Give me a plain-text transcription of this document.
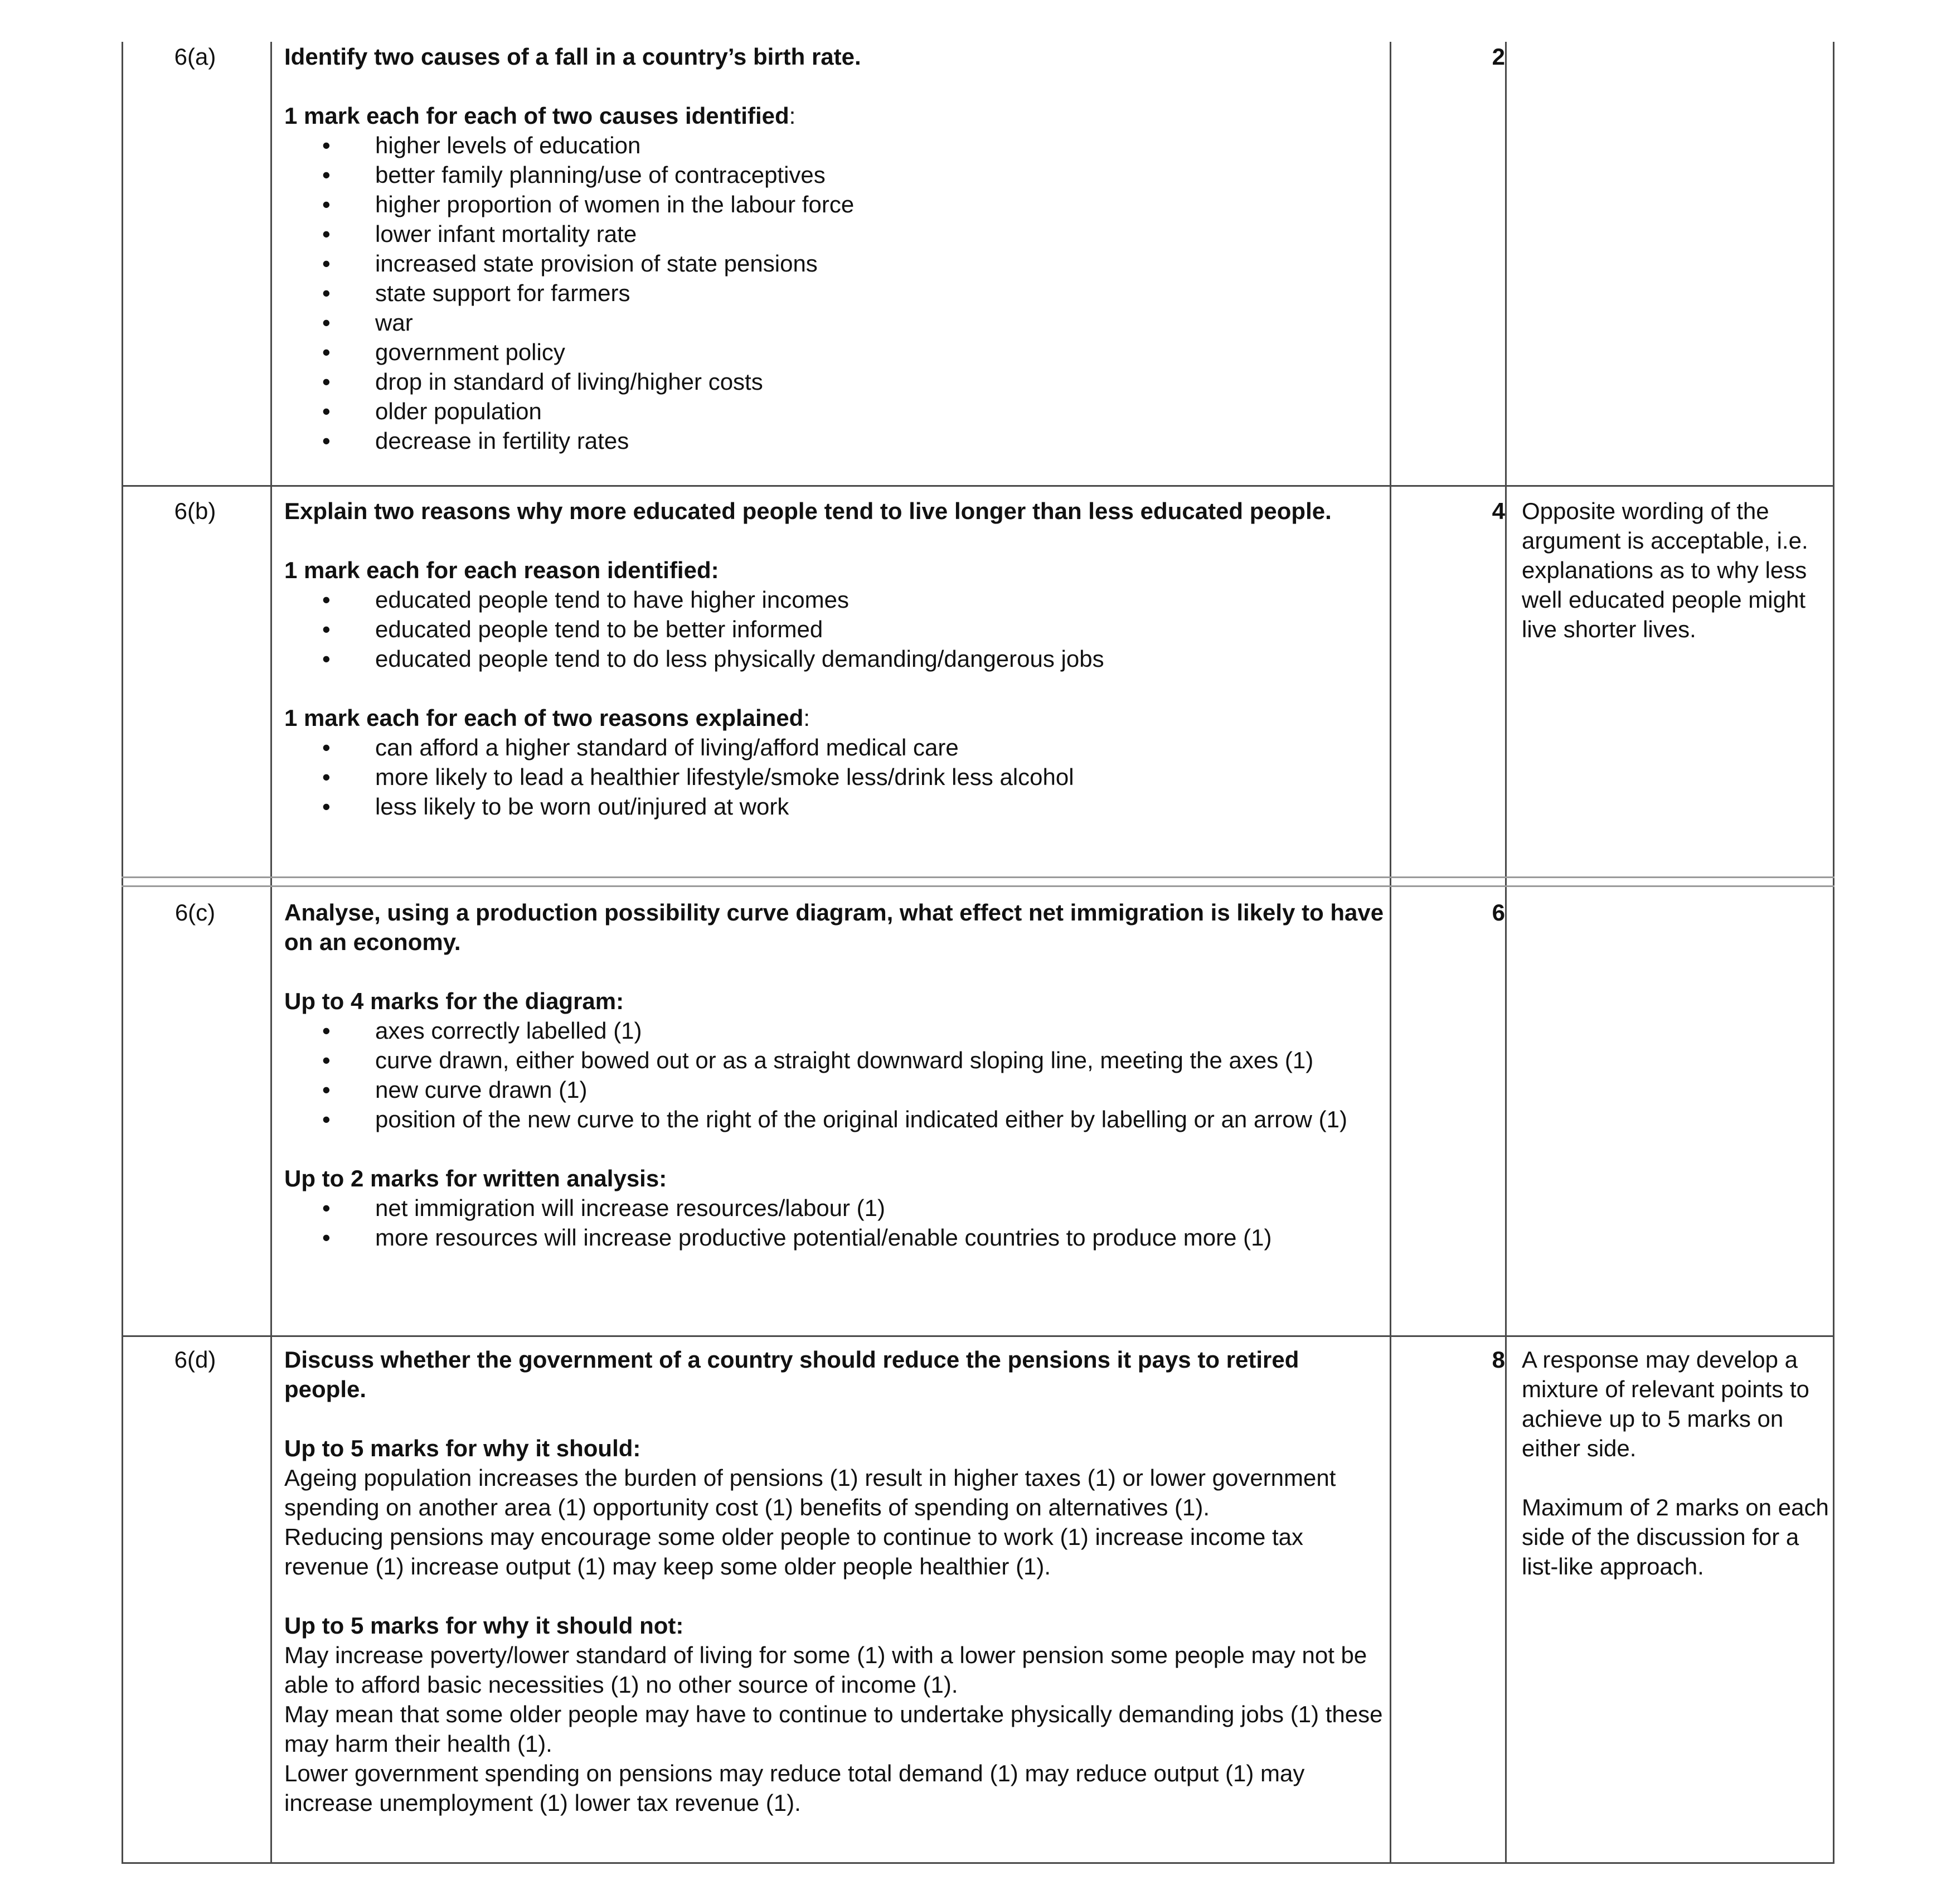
6(a)	Identify two causes of a fall in a country’s birth rate.

1 mark each for each of two causes identified:

• higher levels of education
• better family planning/use of contraceptives
• higher proportion of women in the labour force
• lower infant mortality rate
• increased state provision of state pensions
• state support for farmers
• war
• government policy
• drop in standard of living/higher costs
• older population
• decrease in fertility rates
2
6(b)	Explain two reasons why more educated people tend to live longer than less educated people.

1 mark each for each reason identified:

• educated people tend to have higher incomes
• educated people tend to be better informed
• educated people tend to do less physically demanding/dangerous jobs

1 mark each for each of two reasons explained:

• can afford a higher standard of living/afford medical care
• more likely to lead a healthier lifestyle/smoke less/drink less alcohol
• less likely to be worn out/injured at work
4 Opposite wording of the argument is acceptable, i.e. explanations as to why less well educated people might live shorter lives.
6(c)	Analyse, using a production possibility curve diagram, what effect net immigration is likely to have on an economy.

Up to 4 marks for the diagram:

• axes correctly labelled (1)
• curve drawn, either bowed out or as a straight downward sloping line, meeting the axes (1)
• new curve drawn (1)
• position of the new curve to the right of the original indicated either by labelling or an arrow (1)

Up to 2 marks for written analysis:

• net immigration will increase resources/labour (1)
• more resources will increase productive potential/enable countries to produce more (1)
6
6(d)	Discuss whether the government of a country should reduce the pensions it pays to retired people.

Up to 5 marks for why it should:

Ageing population increases the burden of pensions (1) result in higher taxes (1) or lower government spending on another area (1) opportunity cost (1) benefits of spending on alternatives (1).

Reducing pensions may encourage some older people to continue to work (1) increase income tax revenue (1) increase output (1) may keep some older people healthier (1).

Up to 5 marks for why it should not:

May increase poverty/lower standard of living for some (1) with a lower pension some people may not be able to afford basic necessities (1) no other source of income (1).

May mean that some older people may have to continue to undertake physically demanding jobs (1) these may harm their health (1).

Lower government spending on pensions may reduce total demand (1) may reduce output (1) may increase unemployment (1) lower tax revenue (1).

8 A response may develop a mixture of relevant points to achieve up to 5 marks on either side.

Maximum of 2 marks on each side of the discussion for a list-like approach.
